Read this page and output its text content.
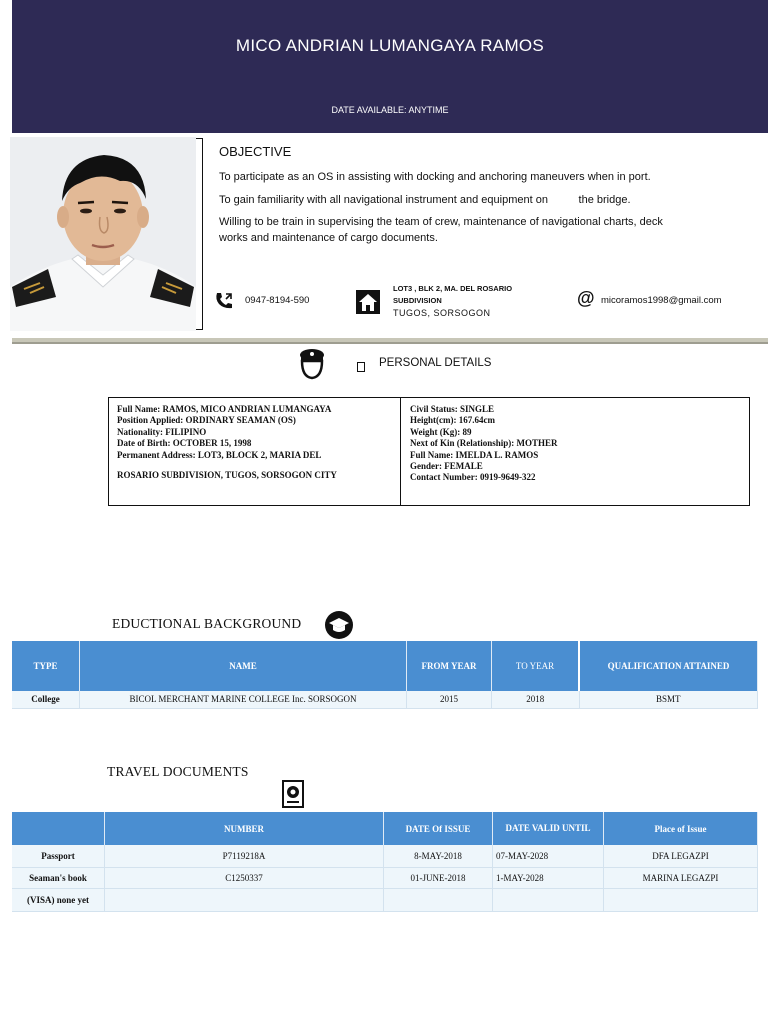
MICO ANDRIAN LUMANGAYA RAMOS
DATE AVAILABLE: ANYTIME
OBJECTIVE
To participate as an OS in assisting with docking and anchoring maneuvers when in port.
To gain familiarity with all navigational instrument and equipment on          the bridge.
Willing to be train in supervising the team of crew, maintenance of navigational charts, deck
works and maintenance of cargo documents.
0947-8194-590
LOT3 , BLK 2, MA. DEL ROSARIO
SUBDIVISION
TUGOS, SORSOGON
@ micoramos1998@gmail.com
PERSONAL DETAILS
Full Name: RAMOS, MICO ANDRIAN LUMANGAYA
Position Applied: ORDINARY SEAMAN (OS)
Nationality: FILIPINO
Date of Birth: OCTOBER 15, 1998
Permanent Address: LOT3, BLOCK 2, MARIA DEL
ROSARIO SUBDIVISION, TUGOS, SORSOGON CITY
Civil Status: SINGLE
Height(cm): 167.64cm
Weight (Kg): 89
Next of Kin (Relationship): MOTHER
Full Name: IMELDA L. RAMOS
Gender: FEMALE
Contact Number: 0919-9649-322
EDUCTIONAL BACKGROUND
TYPE	NAME	FROM YEAR	TO YEAR	QUALIFICATION ATTAINED
College	BICOL MERCHANT MARINE COLLEGE Inc. SORSOGON	2015	2018	BSMT
TRAVEL DOCUMENTS
	NUMBER	DATE Of ISSUE	DATE VALID UNTIL	Place of Issue
Passport	P7119218A	8-MAY-2018	07-MAY-2028	DFA LEGAZPI
Seaman's book	C1250337	01-JUNE-2018	1-MAY-2028	MARINA LEGAZPI
(VISA) none yet				
